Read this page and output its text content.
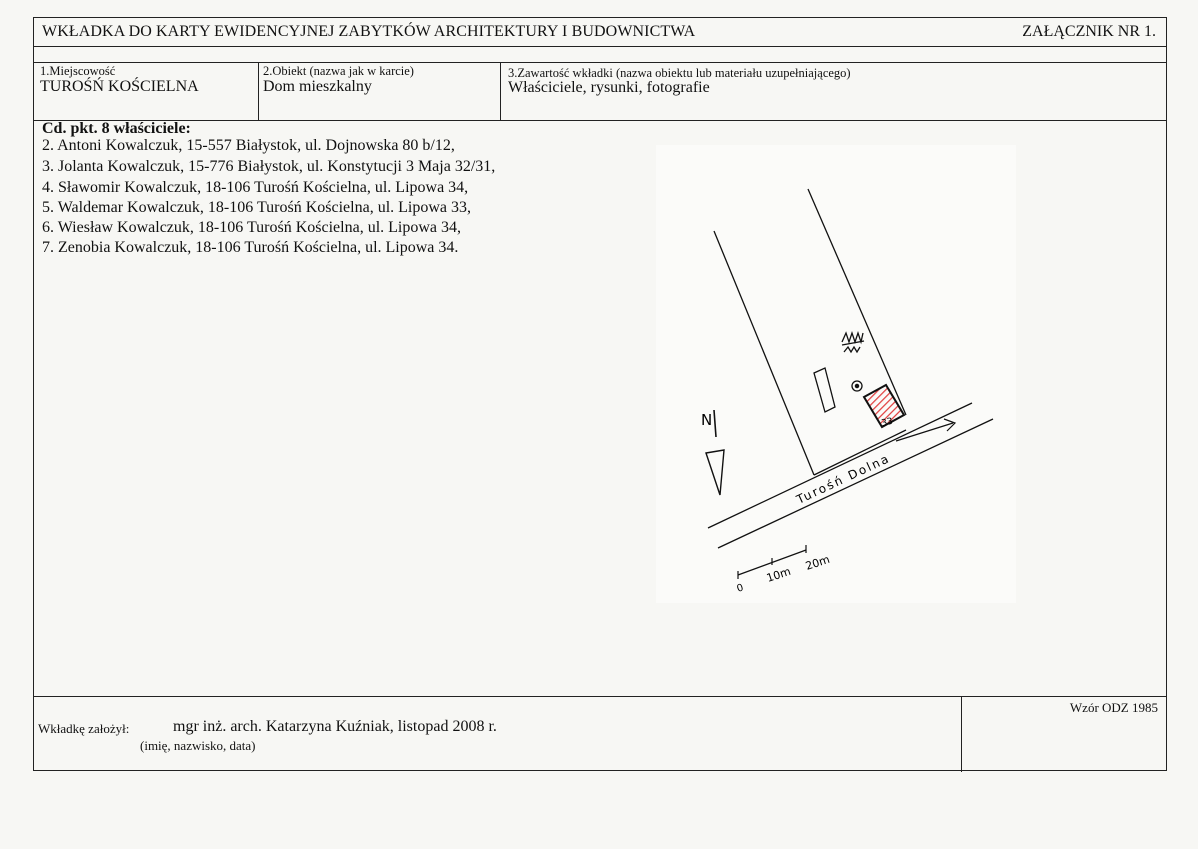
WKŁADKA DO KARTY EWIDENCYJNEJ ZABYTKÓW ARCHITEKTURY I BUDOWNICTWA	ZAŁĄCZNIK NR 1.
1.Miejscowość
TUROŚŃ KOŚCIELNA
2.Obiekt (nazwa jak w karcie)
Dom mieszkalny
3.Zawartość wkładki (nazwa obiektu lub materiału uzupełniającego)
Właściciele, rysunki, fotografie
Cd. pkt. 8 właściciele:
2. Antoni Kowalczuk, 15-557 Białystok, ul. Dojnowska 80 b/12,
3. Jolanta Kowalczuk, 15-776 Białystok, ul. Konstytucji 3 Maja 32/31,
4. Sławomir Kowalczuk, 18-106 Turośń Kościelna, ul. Lipowa 34,
5. Waldemar Kowalczuk, 18-106 Turośń Kościelna, ul. Lipowa 33,
6. Wiesław Kowalczuk, 18-106 Turośń Kościelna, ul. Lipowa 34,
7. Zenobia Kowalczuk, 18-106 Turośń Kościelna, ul. Lipowa 34.
Wkładkę założył:	mgr inż. arch. Katarzyna Kuźniak, listopad 2008 r.
(imię, nazwisko, data)
Wzór ODZ 1985
N	33
Turośń Dolna
0
10m
20m
